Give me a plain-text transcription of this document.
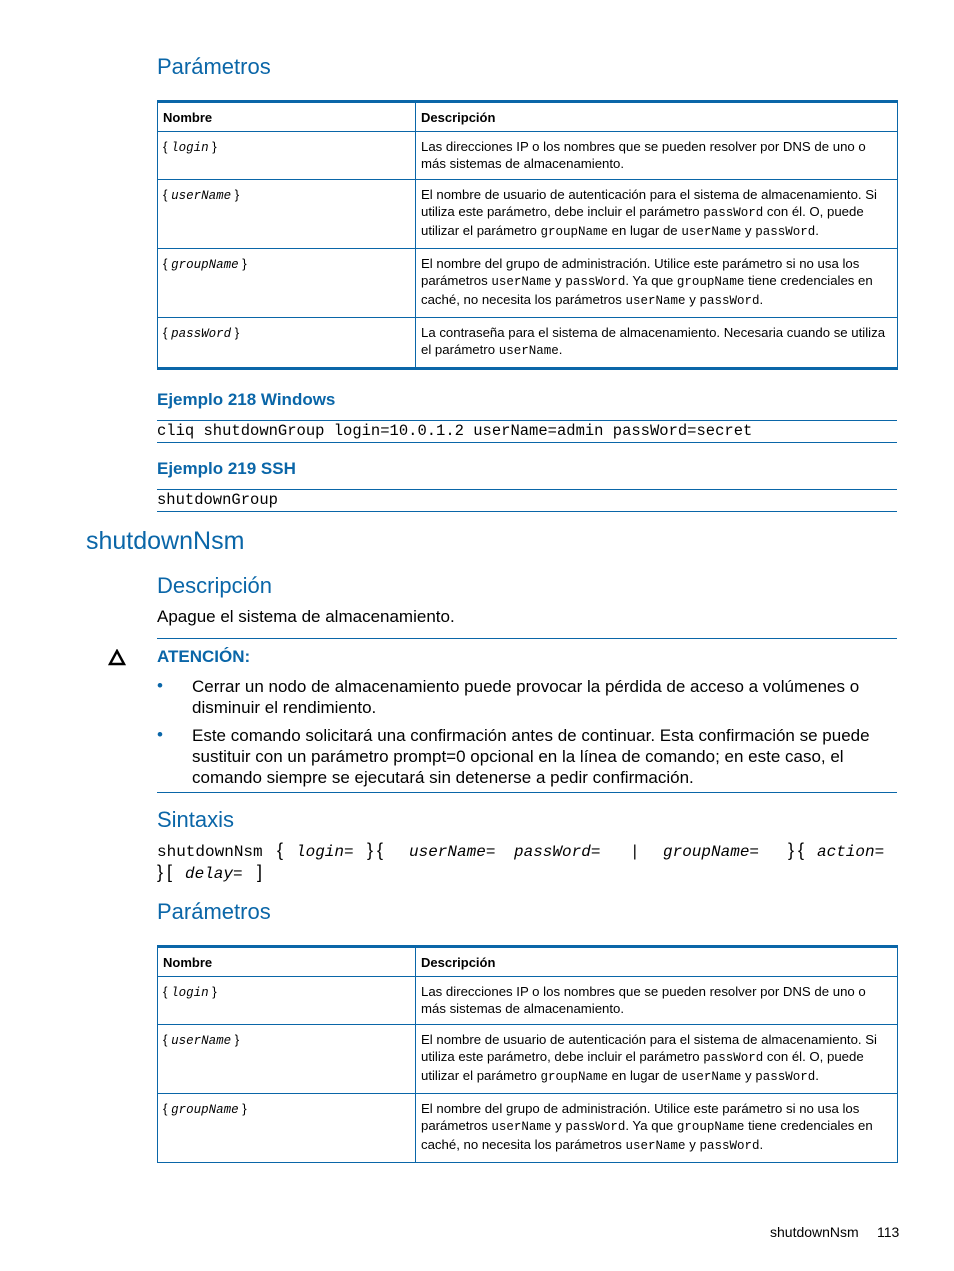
Parámetros
Nombre	Descripción
{ login }	Las direcciones IP o los nombres que se pueden resolver por DNS de uno o más sistemas de almacenamiento.
{ userName }	El nombre de usuario de autenticación para el sistema de almacenamiento. Si utiliza este parámetro, debe incluir el parámetro passWord con él. O, puede utilizar el parámetro groupName en lugar de userName y passWord.
{ groupName }	El nombre del grupo de administración. Utilice este parámetro si no usa los parámetros userName y passWord. Ya que groupName tiene credenciales en caché, no necesita los parámetros userName y passWord.
{ passWord }	La contraseña para el sistema de almacenamiento. Necesaria cuando se utiliza el parámetro userName.
Ejemplo 218 Windows
cliq shutdownGroup login=10.0.1.2 userName=admin passWord=secret
Ejemplo 219 SSH
shutdownGroup
shutdownNsm
Descripción
Apague el sistema de almacenamiento.
ATENCIÓN:
• Cerrar un nodo de almacenamiento puede provocar la pérdida de acceso a volúmenes o disminuir el rendimiento.
• Este comando solicitará una confirmación antes de continuar. Esta confirmación se puede sustituir con un parámetro prompt=0 opcional en la línea de comando; en este caso, el comando siempre se ejecutará sin detenerse a pedir confirmación.
Sintaxis
shutdownNsm { login= } { userName= passWord= | groupName= } { action=
} [ delay= ]
Parámetros
Nombre	Descripción
{ login }	Las direcciones IP o los nombres que se pueden resolver por DNS de uno o más sistemas de almacenamiento.
{ userName }	El nombre de usuario de autenticación para el sistema de almacenamiento. Si utiliza este parámetro, debe incluir el parámetro passWord con él. O, puede utilizar el parámetro groupName en lugar de userName y passWord.
{ groupName }	El nombre del grupo de administración. Utilice este parámetro si no usa los parámetros userName y passWord. Ya que groupName tiene credenciales en caché, no necesita los parámetros userName y passWord.
shutdownNsm 113
